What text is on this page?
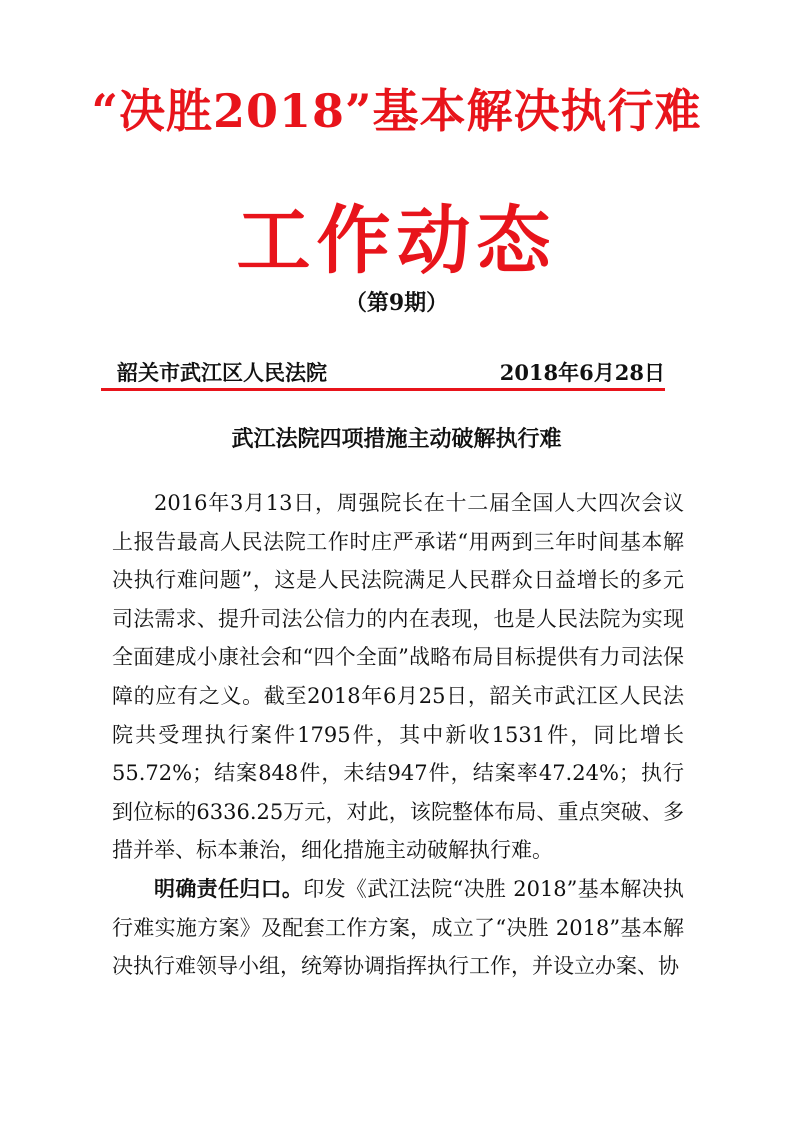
“决胜2018”基本解决执行难
工作动态
（第9期）
韶关市武江区人民法院	2018年6月28日
武江法院四项措施主动破解执行难

2016年3月13日，周强院长在十二届全国人大四次会议上报告最高人民法院工作时庄严承诺“用两到三年时间基本解决执行难问题”，这是人民法院满足人民群众日益增长的多元司法需求、提升司法公信力的内在表现，也是人民法院为实现全面建成小康社会和“四个全面”战略布局目标提供有力司法保障的应有之义。截至2018年6月25日，韶关市武江区人民法院共受理执行案件1795件，其中新收1531件，同比增长55.72%；结案848件，未结947件，结案率47.24%；执行到位标的6336.25万元，对此，该院整体布局、重点突破、多措并举、标本兼治，细化措施主动破解执行难。

明确责任归口。印发《武江法院“决胜 2018”基本解决执行难实施方案》及配套工作方案，成立了“决胜 2018”基本解决执行难领导小组，统筹协调指挥执行工作，并设立办案、协
